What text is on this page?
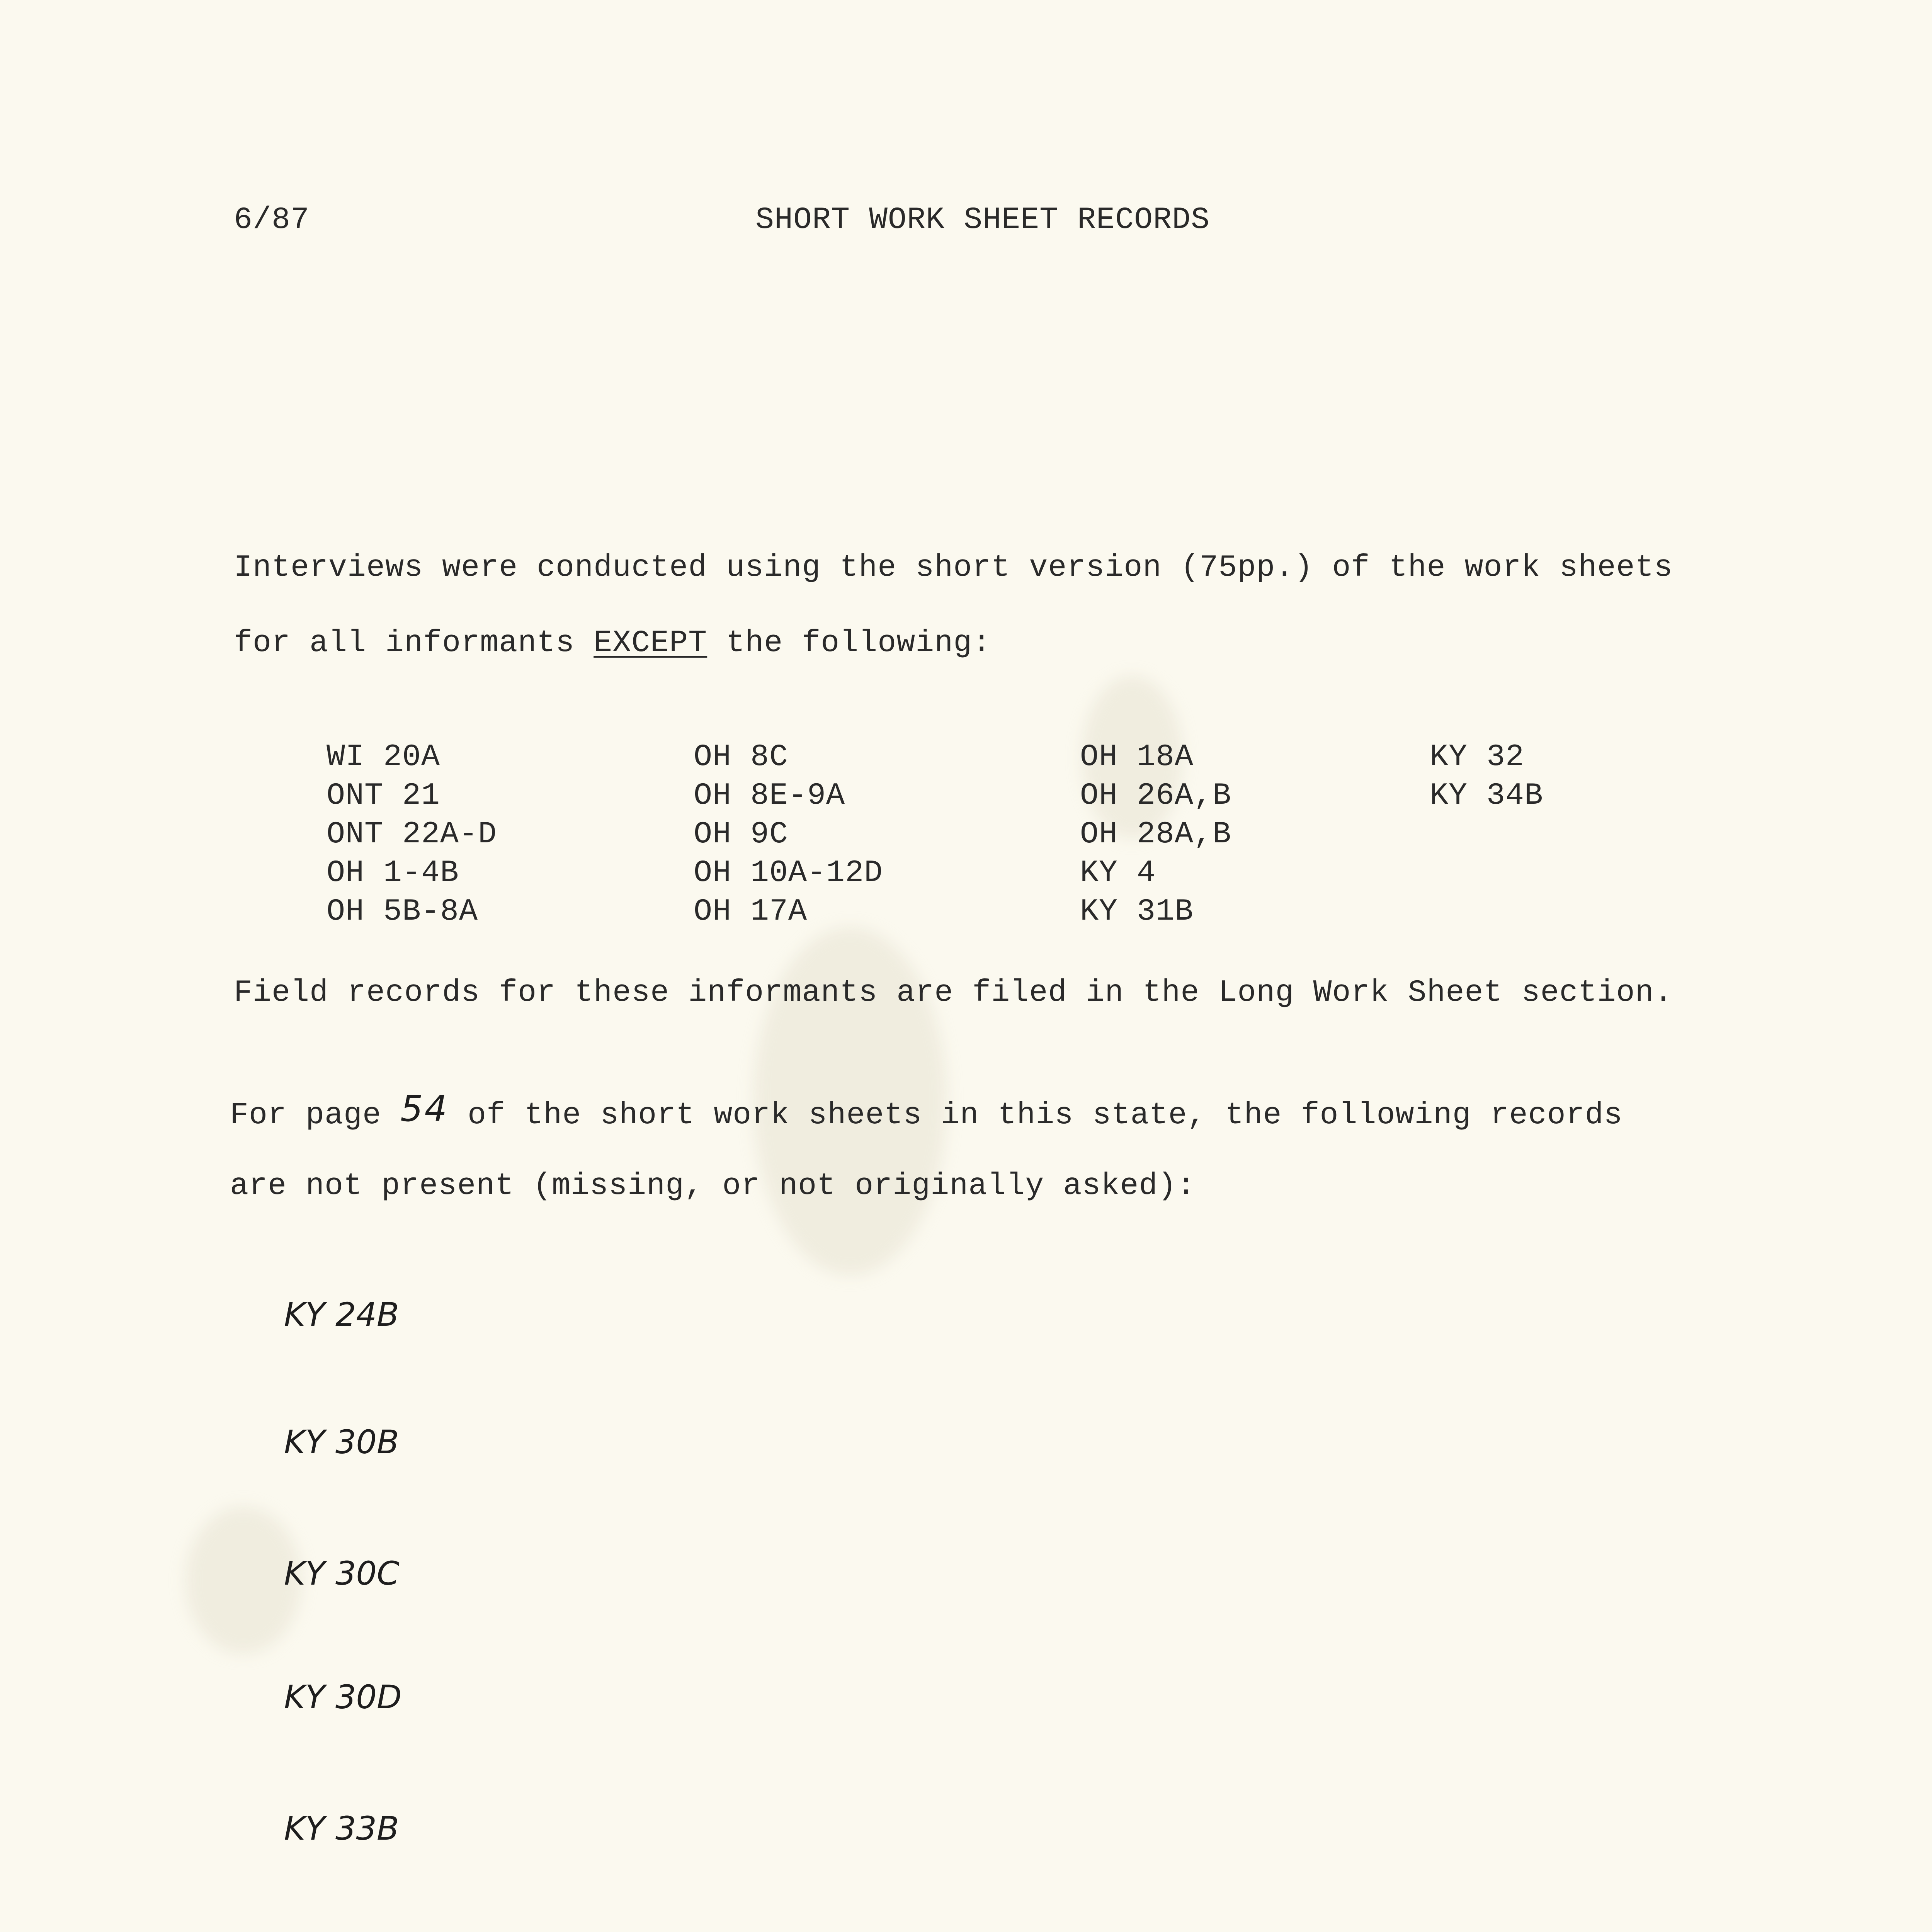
6/87	SHORT WORK SHEET RECORDS
Interviews were conducted using the short version (75pp.) of the work sheets
for all informants EXCEPT the following:
WI 20A
ONT 21
ONT 22A-D
OH 1-4B
OH 5B-8A
OH 8C
OH 8E-9A
OH 9C
OH 10A-12D
OH 17A
OH 18A
OH 26A,B
OH 28A,B
KY 4
KY 31B
KY 32
KY 34B
Field records for these informants are filed in the Long Work Sheet section.
For page 54 of the short work sheets in this state, the following records
are not present (missing, or not originally asked):
KY 24B
KY 30B
KY 30C
KY 30D
KY 33B
